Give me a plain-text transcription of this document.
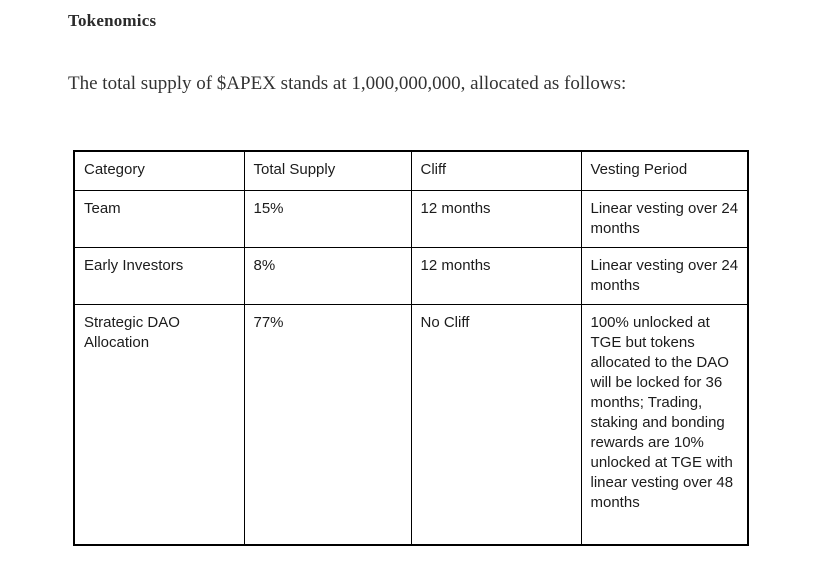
Tokenomics

The total supply of $APEX stands at 1,000,000,000, allocated as follows:

Category	Total Supply	Cliff	Vesting Period
Team	15%	12 months	Linear vesting over 24 months
Early Investors	8%	12 months	Linear vesting over 24 months
Strategic DAO Allocation	77%	No Cliff	100% unlocked at TGE but tokens allocated to the DAO will be locked for 36 months; Trading, staking and bonding rewards are 10% unlocked at TGE with linear vesting over 48 months
